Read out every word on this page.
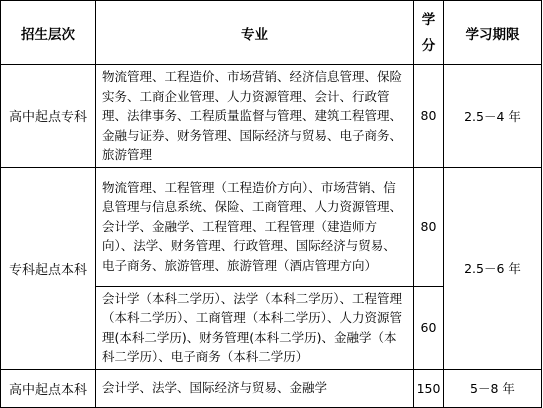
招生层次	专业	学分	学习期限
高中起点专科	物流管理、工程造价、市场营销、经济信息管理、保险实务、工商企业管理、人力资源管理、会计、行政管理、法律事务、工程质量监督与管理、建筑工程管理、金融与证券、财务管理、国际经济与贸易、电子商务、旅游管理	80	2.5－4 年
专科起点本科	物流管理、工程管理（工程造价方向）、市场营销、信息管理与信息系统、保险、工商管理、人力资源管理、会计学、金融学、工程管理、工程管理（建造师方向）、法学、财务管理、行政管理、国际经济与贸易、电子商务、旅游管理、旅游管理（酒店管理方向）	80	2.5－6 年
	会计学（本科二学历）、法学（本科二学历）、工程管理（本科二学历）、工商管理（本科二学历）、人力资源管理(本科二学历)、财务管理(本科二学历)、金融学（本科二学历）、电子商务（本科二学历）	60	
高中起点本科	会计学、法学、国际经济与贸易、金融学	150	5－8 年
